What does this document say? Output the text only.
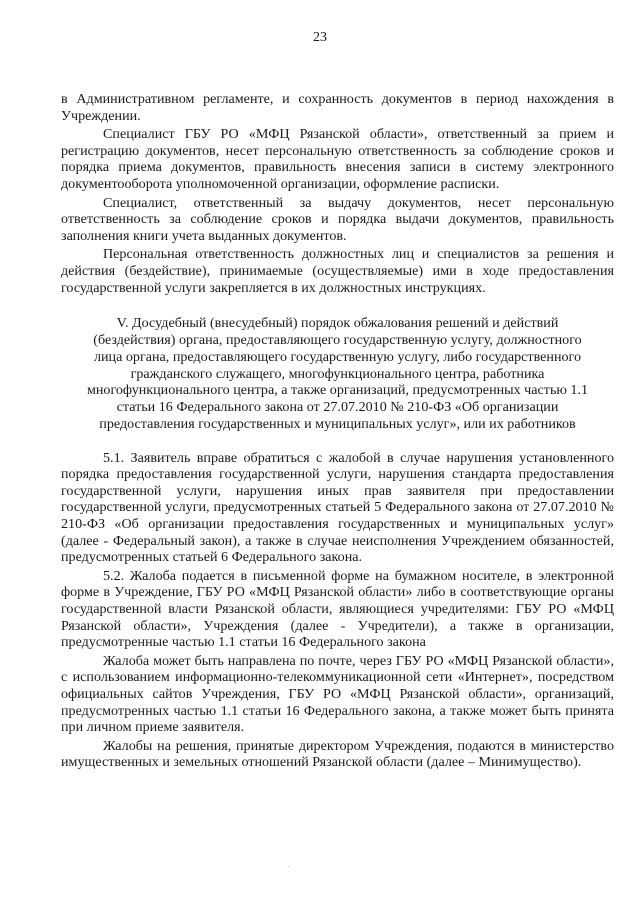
23

в Административном регламенте, и сохранность документов в период нахождения в Учреждении.

Специалист ГБУ РО «МФЦ Рязанской области», ответственный за прием и регистрацию документов, несет персональную ответственность за соблюдение сроков и порядка приема документов, правильность внесения записи в систему электронного документооборота уполномоченной организации, оформление расписки.

Специалист, ответственный за выдачу документов, несет персональную ответственность за соблюдение сроков и порядка выдачи документов, правильность заполнения книги учета выданных документов.

Персональная ответственность должностных лиц и специалистов за решения и действия (бездействие), принимаемые (осуществляемые) ими в ходе предоставления государственной услуги закрепляется в их должностных инструкциях.

V. Досудебный (внесудебный) порядок обжалования решений и действий

(бездействия) органа, предоставляющего государственную услугу, должностного

лица органа, предоставляющего государственную услугу, либо государственного

гражданского служащего, многофункционального центра, работника

многофункционального центра, а также организаций, предусмотренных частью 1.1

статьи 16 Федерального закона от 27.07.2010 № 210-ФЗ «Об организации

предоставления государственных и муниципальных услуг», или их работников

5.1. Заявитель вправе обратиться с жалобой в случае нарушения установленного порядка предоставления государственной услуги, нарушения стандарта предоставления государственной услуги, нарушения иных прав заявителя при предоставлении государственной услуги, предусмотренных статьей 5 Федерального закона от 27.07.2010 № 210-ФЗ «Об организации предоставления государственных и муниципальных услуг» (далее - Федеральный закон), а также в случае неисполнения Учреждением обязанностей, предусмотренных статьей 6 Федерального закона.

5.2. Жалоба подается в письменной форме на бумажном носителе, в электронной форме в Учреждение, ГБУ РО «МФЦ Рязанской области» либо в соответствующие органы государственной власти Рязанской области, являющиеся учредителями: ГБУ РО «МФЦ Рязанской области», Учреждения (далее - Учредители), а также в организации, предусмотренные частью 1.1 статьи 16 Федерального закона

Жалоба может быть направлена по почте, через ГБУ РО «МФЦ Рязанской области», с использованием информационно-телекоммуникационной сети «Интернет», посредством официальных сайтов Учреждения, ГБУ РО «МФЦ Рязанской области», организаций, предусмотренных частью 1.1 статьи 16 Федерального закона, а также может быть принята при личном приеме заявителя.

Жалобы на решения, принятые директором Учреждения, подаются в министерство имущественных и земельных отношений Рязанской области (далее – Минимущество).
